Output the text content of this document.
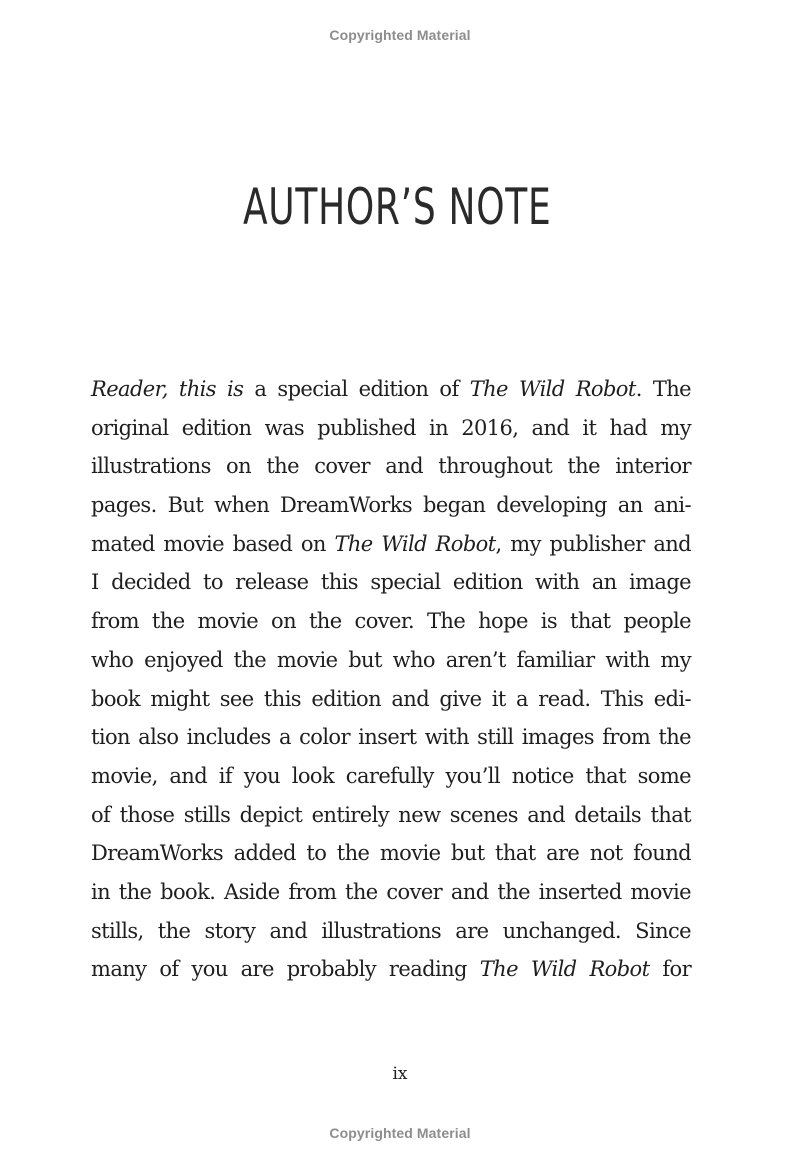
Copyrighted Material
AUTHOR’S NOTE
Reader, this is a special edition of The Wild Robot. The
original edition was published in 2016, and it had my
illustrations on the cover and throughout the interior
pages. But when DreamWorks began developing an ani-
mated movie based on The Wild Robot, my publisher and
I decided to release this special edition with an image
from the movie on the cover. The hope is that people
who enjoyed the movie but who aren’t familiar with my
book might see this edition and give it a read. This edi-
tion also includes a color insert with still images from the
movie, and if you look carefully you’ll notice that some
of those stills depict entirely new scenes and details that
DreamWorks added to the movie but that are not found
in the book. Aside from the cover and the inserted movie
stills, the story and illustrations are unchanged. Since
many of you are probably reading The Wild Robot for
ix
Copyrighted Material
